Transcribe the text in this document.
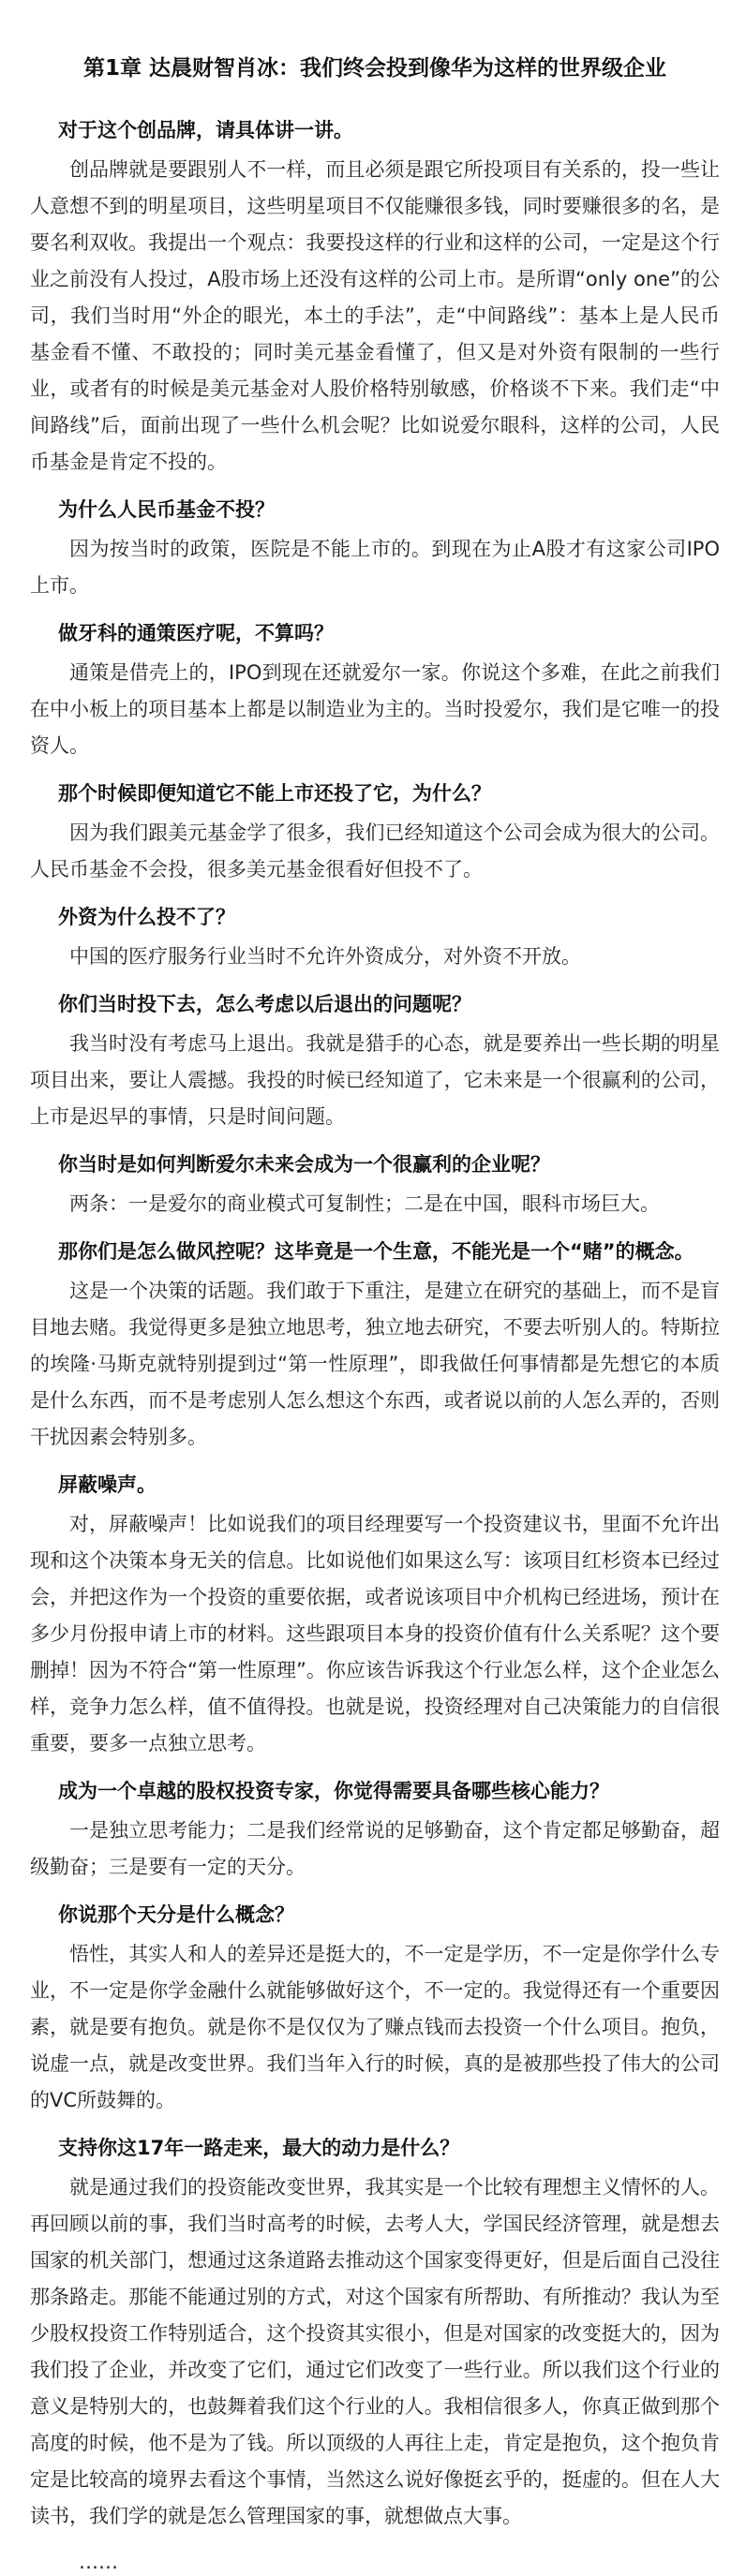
第1章 达晨财智肖冰：我们终会投到像华为这样的世界级企业

对于这个创品牌，请具体讲一讲。

创品牌就是要跟别人不一样，而且必须是跟它所投项目有关系的，投一些让人意想不到的明星项目，这些明星项目不仅能赚很多钱，同时要赚很多的名，是要名利双收。我提出一个观点：我要投这样的行业和这样的公司，一定是这个行业之前没有人投过，A股市场上还没有这样的公司上市。是所谓“only one”的公司，我们当时用“外企的眼光，本土的手法”，走“中间路线”：基本上是人民币基金看不懂、不敢投的；同时美元基金看懂了，但又是对外资有限制的一些行业，或者有的时候是美元基金对人股价格特别敏感，价格谈不下来。我们走“中间路线”后，面前出现了一些什么机会呢？比如说爱尔眼科，这样的公司，人民币基金是肯定不投的。

为什么人民币基金不投？

因为按当时的政策，医院是不能上市的。到现在为止A股才有这家公司IPO上市。

做牙科的通策医疗呢，不算吗？

通策是借壳上的，IPO到现在还就爱尔一家。你说这个多难，在此之前我们在中小板上的项目基本上都是以制造业为主的。当时投爱尔，我们是它唯一的投资人。

那个时候即便知道它不能上市还投了它，为什么？

因为我们跟美元基金学了很多，我们已经知道这个公司会成为很大的公司。人民币基金不会投，很多美元基金很看好但投不了。

外资为什么投不了？

中国的医疗服务行业当时不允许外资成分，对外资不开放。

你们当时投下去，怎么考虑以后退出的问题呢？

我当时没有考虑马上退出。我就是猎手的心态，就是要养出一些长期的明星项目出来，要让人震撼。我投的时候已经知道了，它未来是一个很赢利的公司，上市是迟早的事情，只是时间问题。

你当时是如何判断爱尔未来会成为一个很赢利的企业呢？

两条：一是爱尔的商业模式可复制性；二是在中国，眼科市场巨大。

那你们是怎么做风控呢？这毕竟是一个生意，不能光是一个“赌”的概念。

这是一个决策的话题。我们敢于下重注，是建立在研究的基础上，而不是盲目地去赌。我觉得更多是独立地思考，独立地去研究，不要去听别人的。特斯拉的埃隆·马斯克就特别提到过“第一性原理”，即我做任何事情都是先想它的本质是什么东西，而不是考虑别人怎么想这个东西，或者说以前的人怎么弄的，否则干扰因素会特别多。

屏蔽噪声。

对，屏蔽噪声！比如说我们的项目经理要写一个投资建议书，里面不允许出现和这个决策本身无关的信息。比如说他们如果这么写：该项目红杉资本已经过会，并把这作为一个投资的重要依据，或者说该项目中介机构已经进场，预计在多少月份报申请上市的材料。这些跟项目本身的投资价值有什么关系呢？这个要删掉！因为不符合“第一性原理”。你应该告诉我这个行业怎么样，这个企业怎么样，竞争力怎么样，值不值得投。也就是说，投资经理对自己决策能力的自信很重要，要多一点独立思考。

成为一个卓越的股权投资专家，你觉得需要具备哪些核心能力？

一是独立思考能力；二是我们经常说的足够勤奋，这个肯定都足够勤奋，超级勤奋；三是要有一定的天分。

你说那个天分是什么概念？

悟性，其实人和人的差异还是挺大的，不一定是学历，不一定是你学什么专业，不一定是你学金融什么就能够做好这个，不一定的。我觉得还有一个重要因素，就是要有抱负。就是你不是仅仅为了赚点钱而去投资一个什么项目。抱负，说虚一点，就是改变世界。我们当年入行的时候，真的是被那些投了伟大的公司的VC所鼓舞的。

支持你这17年一路走来，最大的动力是什么？

就是通过我们的投资能改变世界，我其实是一个比较有理想主义情怀的人。再回顾以前的事，我们当时高考的时候，去考人大，学国民经济管理，就是想去国家的机关部门，想通过这条道路去推动这个国家变得更好，但是后面自己没往那条路走。那能不能通过别的方式，对这个国家有所帮助、有所推动？我认为至少股权投资工作特别适合，这个投资其实很小，但是对国家的改变挺大的，因为我们投了企业，并改变了它们，通过它们改变了一些行业。所以我们这个行业的意义是特别大的，也鼓舞着我们这个行业的人。我相信很多人，你真正做到那个高度的时候，他不是为了钱。所以顶级的人再往上走，肯定是抱负，这个抱负肯定是比较高的境界去看这个事情，当然这么说好像挺玄乎的，挺虚的。但在人大读书，我们学的就是怎么管理国家的事，就想做点大事。

……
